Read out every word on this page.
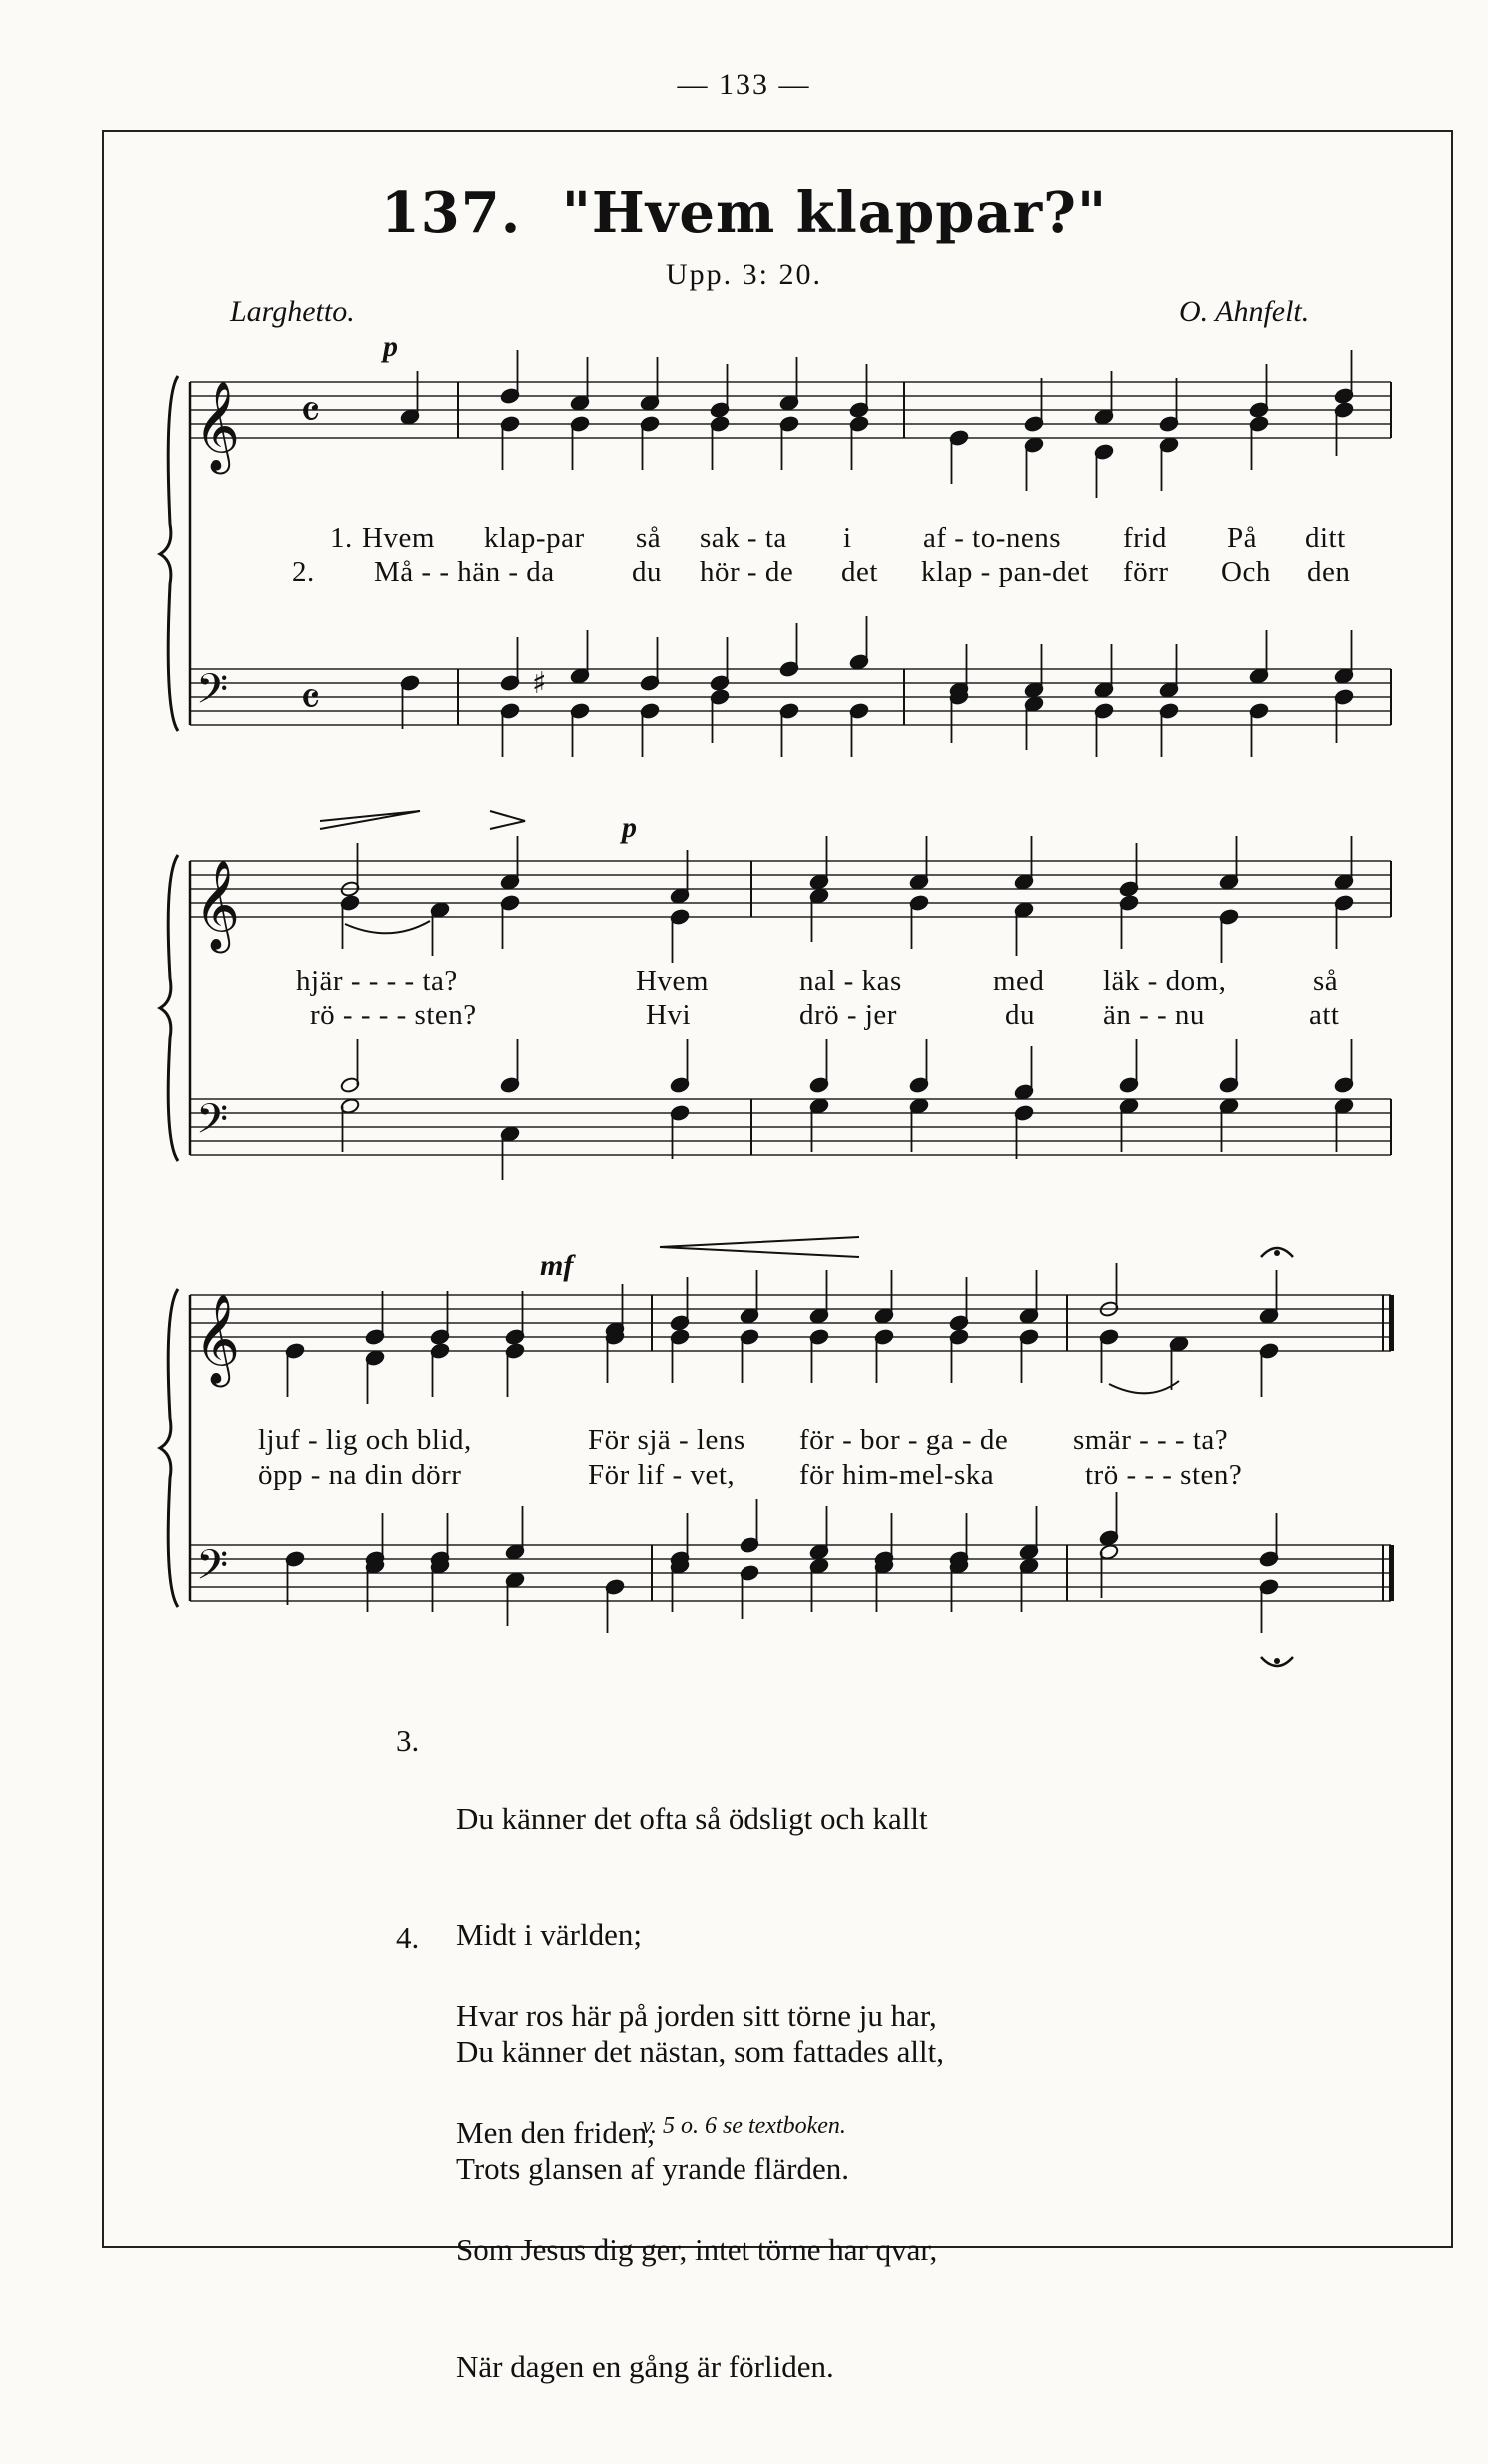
— 133 —
137. "Hvem klappar?"
Upp. 3: 20.
Larghetto.	O. Ahnfelt.
𝄞
𝄢
𝄴
𝄴
𝄞
𝄢
𝄞
𝄢
♯
p
p
mf
1. Hvem klap-par så sak - ta i af - to-nens frid På ditt
2. Må - - hän - da	du hör - de det klap - pan-det förr Och den
hjär - - - - ta?	Hvem	nal - kas	med läk - dom,	så
rö - - - - sten?	Hvi	drö - jer	du än - - nu	att
ljuf - lig och blid,	För sjä - lens för - bor - ga - de smär - - - ta?
öpp - na din dörr	För lif - vet, för him-mel-ska	trö - - - sten?
3.

Du känner det ofta så ödsligt och kallt

Midt i världen;

Du känner det nästan, som fattades allt,

Trots glansen af yrande flärden.

4.

Hvar ros här på jorden sitt törne ju har,

Men den friden,

Som Jesus dig ger, intet törne har qvar,

När dagen en gång är förliden.

v. 5 o. 6 se textboken.
